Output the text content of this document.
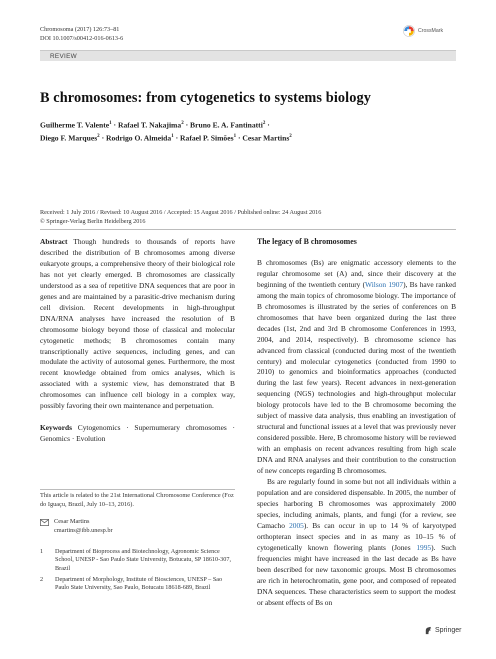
Chromosoma (2017) 126:73–81
DOI 10.1007/s00412-016-0613-6
CrossMark
REVIEW
B chromosomes: from cytogenetics to systems biology
Guilherme T. Valente$^1$ · Rafael T. Nakajima$^2$ · Bruno E. A. Fantinatti$^2$ ·
Diego F. Marques$^2$ · Rodrigo O. Almeida$^1$ · Rafael P. Simões$^1$ · Cesar Martins$^2$
Received: 1 July 2016 / Revised: 10 August 2016 / Accepted: 15 August 2016 / Published online: 24 August 2016
© Springer-Verlag Berlin Heidelberg 2016
Abstract Though hundreds to thousands of reports have described the distribution of B chromosomes among diverse eukaryote groups, a comprehensive theory of their biological role has not yet clearly emerged. B chromosomes are classically understood as a sea of repetitive DNA sequences that are poor in genes and are maintained by a parasitic-drive mechanism during cell division. Recent developments in high-throughput DNA/RNA analyses have increased the resolution of B chromosome biology beyond those of classical and molecular cytogenetic methods; B chromosomes contain many transcriptionally active sequences, including genes, and can modulate the activity of autosomal genes. Furthermore, the most recent knowledge obtained from omics analyses, which is associated with a systemic view, has demonstrated that B chromosomes can influence cell biology in a complex way, possibly favoring their own maintenance and perpetuation.
Keywords Cytogenomics · Supernumerary chromosomes · Genomics · Evolution
This article is related to the 21st International Chromosome Conference (Foz do Iguaçu, Brazil, July 10–13, 2016).
Cesar Martins
cmartins@ibb.unesp.br
1	Department of Bioprocess and Biotechnology, Agronomic Science School, UNESP - Sao Paulo State University, Botucatu, SP 18610-307, Brazil
2	Department of Morphology, Institute of Biosciences, UNESP – Sao Paulo State University, Sao Paulo, Botucatu 18618-689, Brazil
The legacy of B chromosomes
B chromosomes (Bs) are enigmatic accessory elements to the regular chromosome set (A) and, since their discovery at the beginning of the twentieth century (Wilson 1907), Bs have ranked among the main topics of chromosome biology. The importance of B chromosomes is illustrated by the series of conferences on B chromosomes that have been organized during the last three decades (1st, 2nd and 3rd B chromosome Conferences in 1993, 2004, and 2014, respectively). B chromosome science has advanced from classical (conducted during most of the twentieth century) and molecular cytogenetics (conducted from 1990 to 2010) to genomics and bioinformatics approaches (conducted during the last few years). Recent advances in next-generation sequencing (NGS) technologies and high-throughput molecular biology protocols have led to the B chromosome becoming the subject of massive data analysis, thus enabling an investigation of structural and functional issues at a level that was previously never considered possible. Here, B chromosome history will be reviewed with an emphasis on recent advances resulting from high scale DNA and RNA analyses and their contribution to the construction of new concepts regarding B chromosomes.
Bs are regularly found in some but not all individuals within a population and are considered dispensable. In 2005, the number of species harboring B chromosomes was approximately 2000 species, including animals, plants, and fungi (for a review, see Camacho 2005). Bs can occur in up to 14 % of karyotyped orthopteran insect species and in as many as 10–15 % of cytogenetically known flowering plants (Jones 1995). Such frequencies might have increased in the last decade as Bs have been described for new taxonomic groups. Most B chromosomes are rich in heterochromatin, gene poor, and composed of repeated DNA sequences. These characteristics seem to support the modest or absent effects of Bs on
Springer
